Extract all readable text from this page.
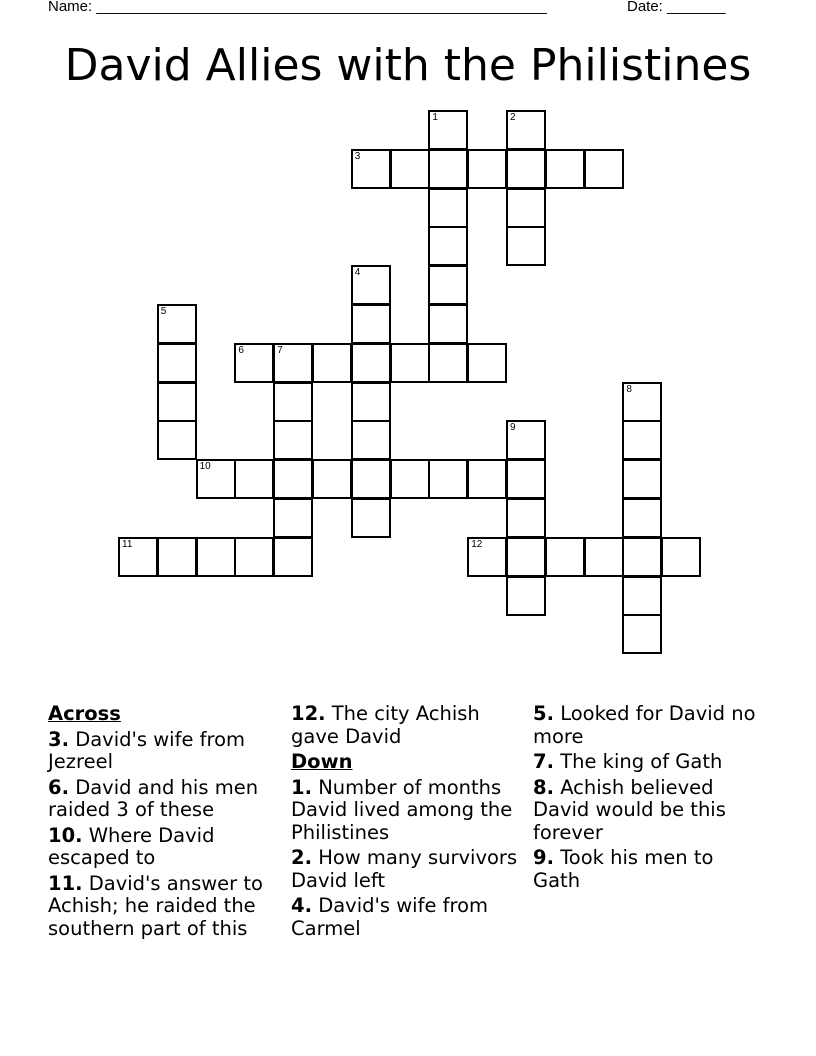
Name: ______________________________________________________	Date: _______
David Allies with the Philistines
1	2
3
4
5
6	7
8
9
10
11	12
Across
3. David's wife from Jezreel
6. David and his men raided 3 of these
10. Where David escaped to
11. David's answer to Achish; he raided the southern part of this
12. The city Achish gave David
Down
1. Number of months David lived among the Philistines
2. How many survivors David left
4. David's wife from Carmel
5. Looked for David no more
7. The king of Gath
8. Achish believed David would be this forever
9. Took his men to Gath
